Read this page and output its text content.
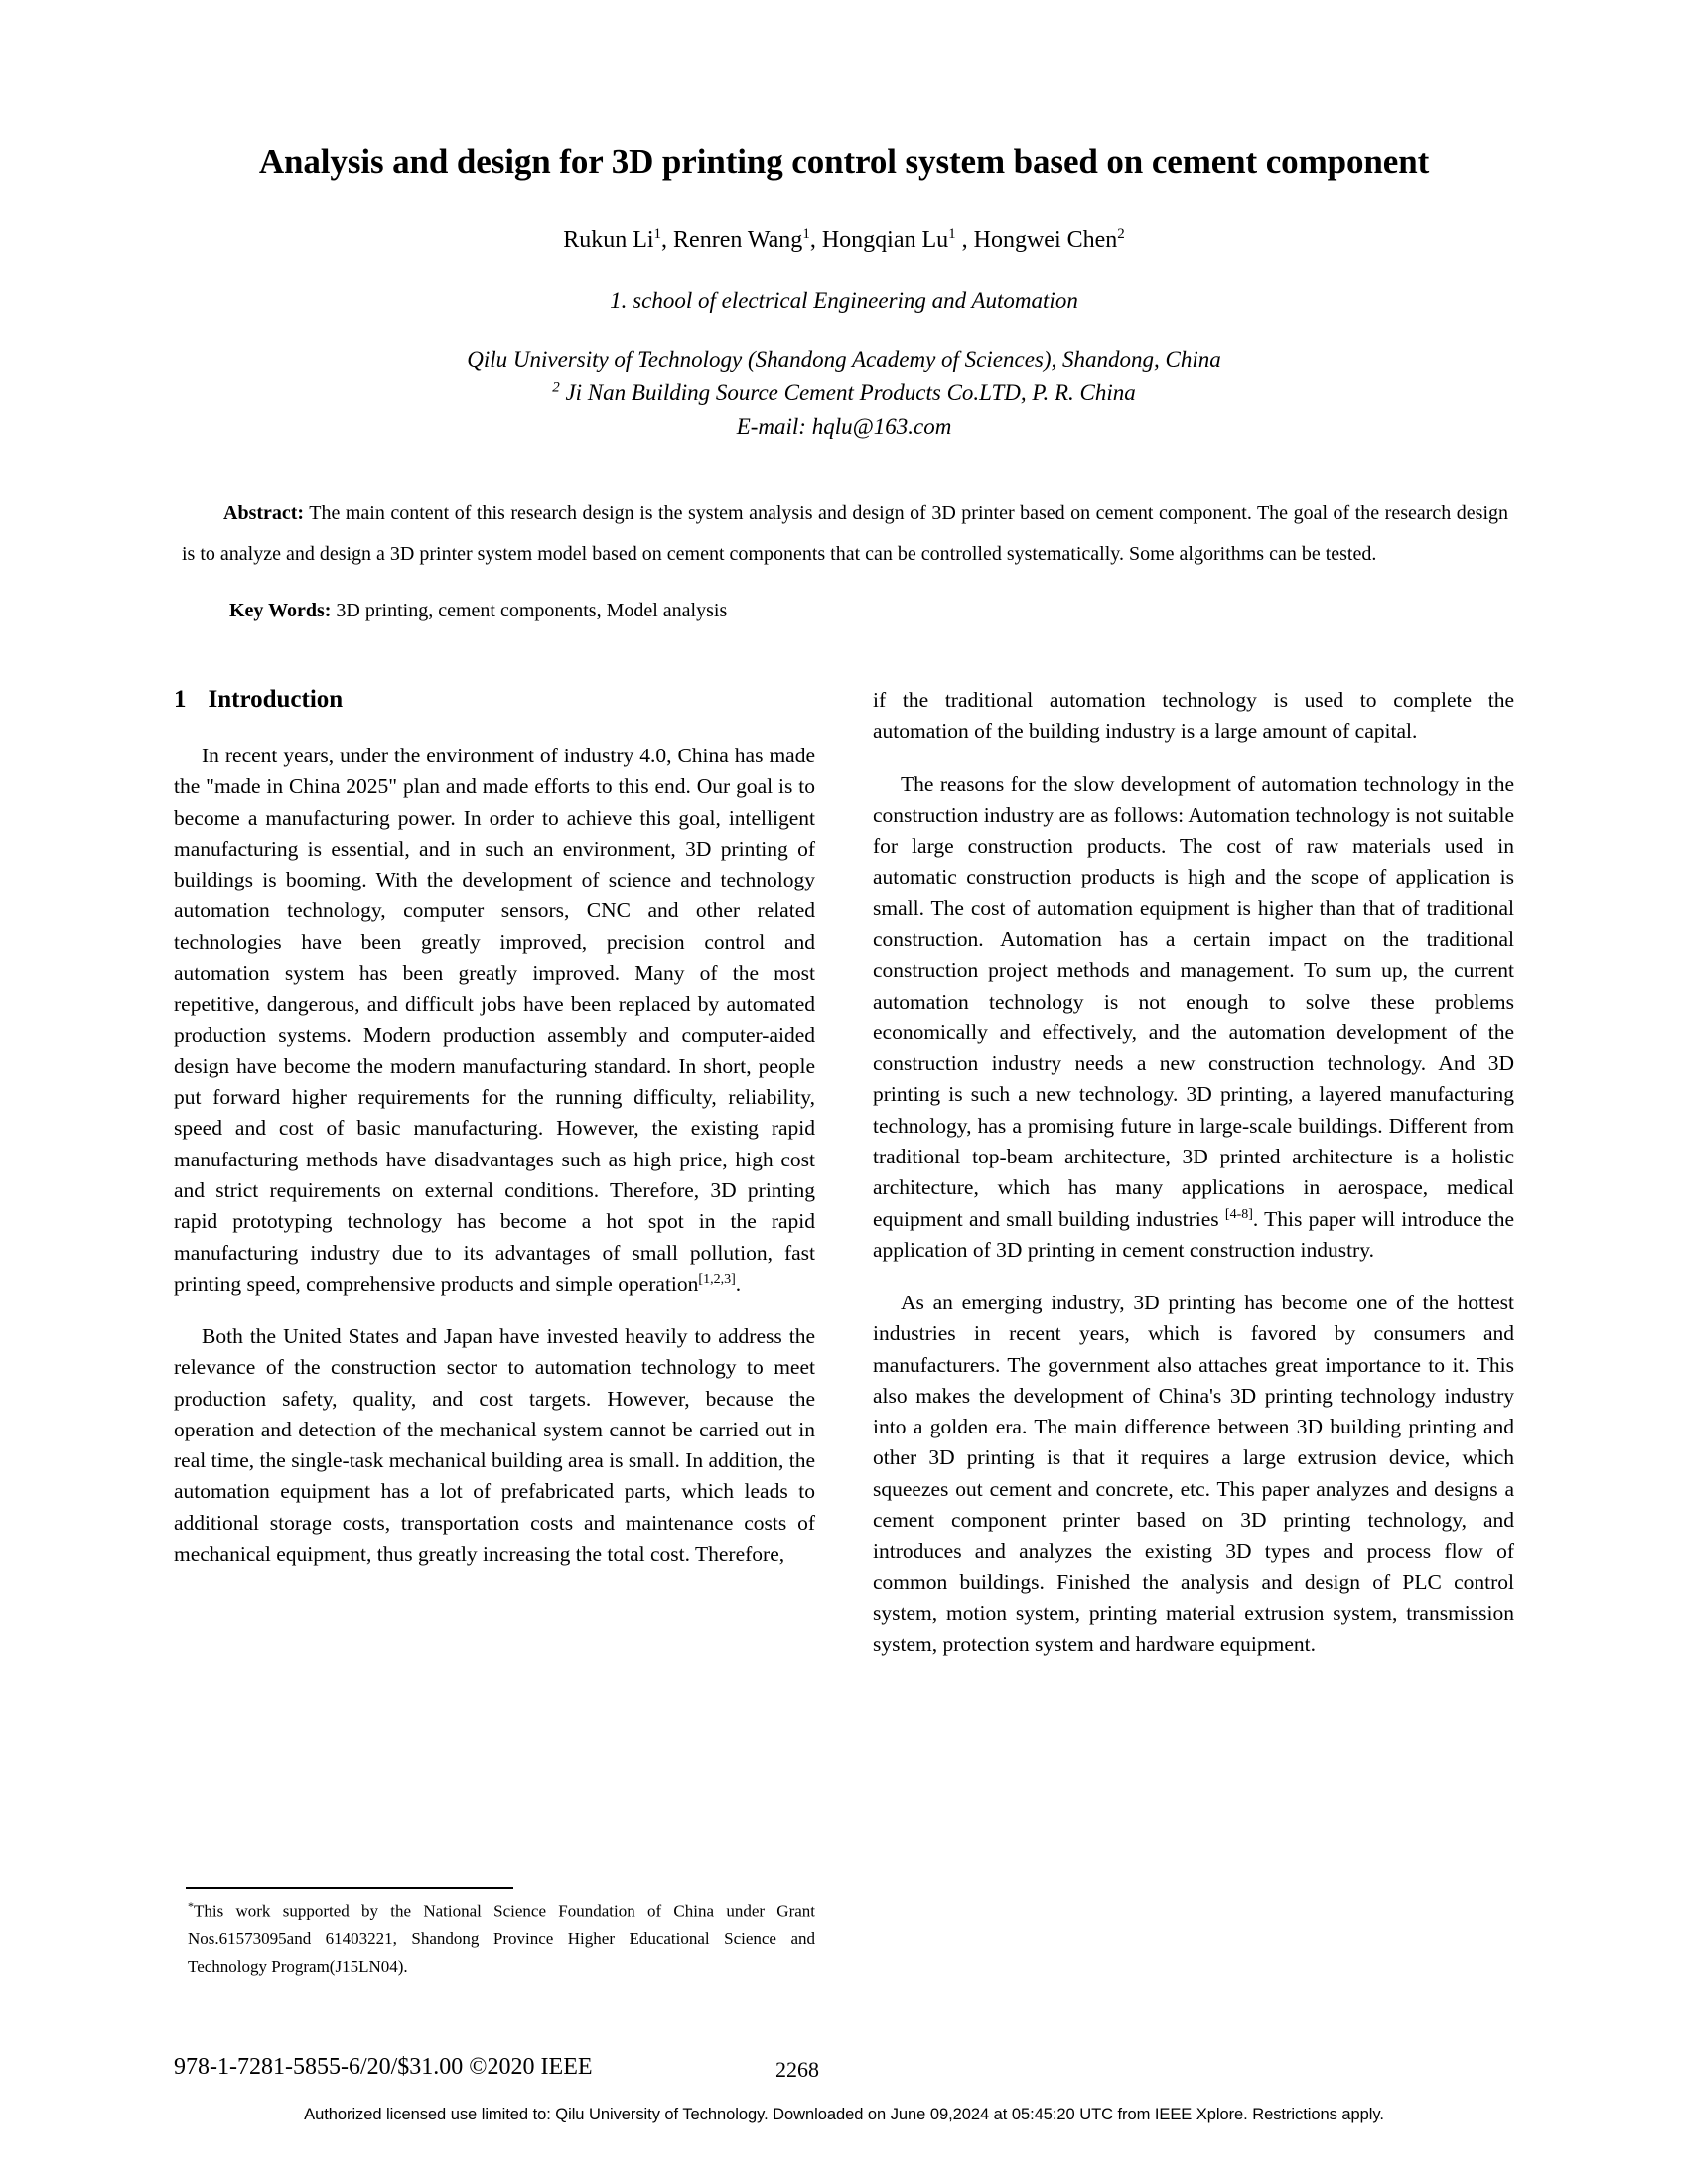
Analysis and design for 3D printing control system based on cement component

Rukun Li$^1$, Renren Wang$^1$, Hongqian Lu$^1$ , Hongwei Chen$^2$

1. school of electrical Engineering and Automation
Qilu University of Technology (Shandong Academy of Sciences), Shandong, China
$^2$ Ji Nan Building Source Cement Products Co.LTD, P. R. China
E-mail: hqlu@163.com

Abstract: The main content of this research design is the system analysis and design of 3D printer based on cement component. The goal of the research design is to analyze and design a 3D printer system model based on cement components that can be controlled systematically. Some algorithms can be tested.

Key Words: 3D printing, cement components, Model analysis

1 Introduction

In recent years, under the environment of industry 4.0, China has made the "made in China 2025" plan and made efforts to this end. Our goal is to become a manufacturing power. In order to achieve this goal, intelligent manufacturing is essential, and in such an environment, 3D printing of buildings is booming. With the development of science and technology automation technology, computer sensors, CNC and other related technologies have been greatly improved, precision control and automation system has been greatly improved. Many of the most repetitive, dangerous, and difficult jobs have been replaced by automated production systems. Modern production assembly and computer-aided design have become the modern manufacturing standard. In short, people put forward higher requirements for the running difficulty, reliability, speed and cost of basic manufacturing. However, the existing rapid manufacturing methods have disadvantages such as high price, high cost and strict requirements on external conditions. Therefore, 3D printing rapid prototyping technology has become a hot spot in the rapid manufacturing industry due to its advantages of small pollution, fast printing speed, comprehensive products and simple operation[1,2,3].

Both the United States and Japan have invested heavily to address the relevance of the construction sector to automation technology to meet production safety, quality, and cost targets. However, because the operation and detection of the mechanical system cannot be carried out in real time, the single-task mechanical building area is small. In addition, the automation equipment has a lot of prefabricated parts, which leads to additional storage costs, transportation costs and maintenance costs of mechanical equipment, thus greatly increasing the total cost. Therefore,

if the traditional automation technology is used to complete the automation of the building industry is a large amount of capital.

The reasons for the slow development of automation technology in the construction industry are as follows: Automation technology is not suitable for large construction products. The cost of raw materials used in automatic construction products is high and the scope of application is small. The cost of automation equipment is higher than that of traditional construction. Automation has a certain impact on the traditional construction project methods and management. To sum up, the current automation technology is not enough to solve these problems economically and effectively, and the automation development of the construction industry needs a new construction technology. And 3D printing is such a new technology. 3D printing, a layered manufacturing technology, has a promising future in large-scale buildings. Different from traditional top-beam architecture, 3D printed architecture is a holistic architecture, which has many applications in aerospace, medical equipment and small building industries [4-8]. This paper will introduce the application of 3D printing in cement construction industry.

As an emerging industry, 3D printing has become one of the hottest industries in recent years, which is favored by consumers and manufacturers. The government also attaches great importance to it. This also makes the development of China's 3D printing technology industry into a golden era. The main difference between 3D building printing and other 3D printing is that it requires a large extrusion device, which squeezes out cement and concrete, etc. This paper analyzes and designs a cement component printer based on 3D printing technology, and introduces and analyzes the existing 3D types and process flow of common buildings. Finished the analysis and design of PLC control system, motion system, printing material extrusion system, transmission system, protection system and hardware equipment.

*This work supported by the National Science Foundation of China under Grant Nos.61573095and 61403221, Shandong Province Higher Educational Science and Technology Program(J15LN04).

978-1-7281-5855-6/20/$31.00 ©2020 IEEE	2268
Authorized licensed use limited to: Qilu University of Technology. Downloaded on June 09,2024 at 05:45:20 UTC from IEEE Xplore. Restrictions apply.
